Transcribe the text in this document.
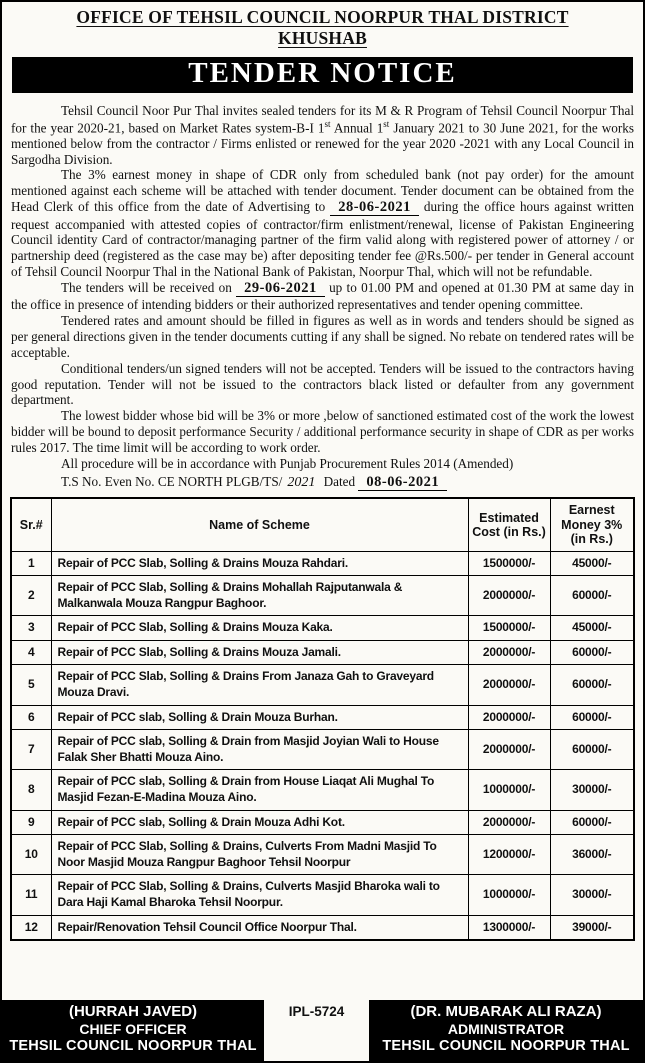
OFFICE OF TEHSIL COUNCIL NOORPUR THAL DISTRICT
KHUSHAB
TENDER NOTICE

Tehsil Council Noor Pur Thal invites sealed tenders for its M & R Program of Tehsil Council Noorpur Thal for the year 2020-21, based on Market Rates system-B-I 1st Annual 1st January 2021 to 30 June 2021, for the works mentioned below from the contractor / Firms enlisted or renewed for the year 2020 -2021 with any Local Council in Sargodha Division.

The 3% earnest money in shape of CDR only from scheduled bank (not pay order) for the amount mentioned against each scheme will be attached with tender document. Tender document can be obtained from the Head Clerk of this office from the date of Advertising to 28-06-2021 during the office hours against written request accompanied with attested copies of contractor/firm enlistment/renewal, license of Pakistan Engineering Council identity Card of contractor/managing partner of the firm valid along with registered power of attorney / or partnership deed (registered as the case may be) after depositing tender fee @Rs.500/- per tender in General account of Tehsil Council Noorpur Thal in the National Bank of Pakistan, Noorpur Thal, which will not be refundable.

The tenders will be received on 29-06-2021 up to 01.00 PM and opened at 01.30 PM at same day in the office in presence of intending bidders or their authorized representatives and tender opening committee.

Tendered rates and amount should be filled in figures as well as in words and tenders should be signed as per general directions given in the tender documents cutting if any shall be signed. No rebate on tendered rates will be acceptable.

Conditional tenders/un signed tenders will not be accepted. Tenders will be issued to the contractors having good reputation. Tender will not be issued to the contractors black listed or defaulter from any government department.

The lowest bidder whose bid will be 3% or more ,below of sanctioned estimated cost of the work the lowest bidder will be bound to deposit performance Security / additional performance security in shape of CDR as per works rules 2017. The time limit will be according to work order.

All procedure will be in accordance with Punjab Procurement Rules 2014 (Amended)

T.S No. Even No. CE NORTH PLGB/TS/ 2021 Dated 08-06-2021

Sr.#	Name of Scheme	Estimated Cost (in Rs.)	Earnest Money 3% (in Rs.)
1	Repair of PCC Slab, Solling & Drains Mouza Rahdari.	1500000/-	45000/-
2	Repair of PCC Slab, Solling & Drains Mohallah Rajputanwala & Malkanwala Mouza Rangpur Baghoor.	2000000/-	60000/-
3	Repair of PCC Slab, Solling & Drains Mouza Kaka.	1500000/-	45000/-
4	Repair of PCC Slab, Solling & Drains Mouza Jamali.	2000000/-	60000/-
5	Repair of PCC Slab, Solling & Drains From Janaza Gah to Graveyard Mouza Dravi.	2000000/-	60000/-
6	Repair of PCC slab, Solling & Drain Mouza Burhan.	2000000/-	60000/-
7	Repair of PCC slab, Solling & Drain from Masjid Joyian Wali to House Falak Sher Bhatti Mouza Aino.	2000000/-	60000/-
8	Repair of PCC slab, Solling & Drain from House Liaqat Ali Mughal To Masjid Fezan-E-Madina Mouza Aino.	1000000/-	30000/-
9	Repair of PCC slab, Solling & Drain Mouza Adhi Kot.	2000000/-	60000/-
10	Repair of PCC Slab, Solling & Drains, Culverts From Madni Masjid To Noor Masjid Mouza Rangpur Baghoor Tehsil Noorpur	1200000/-	36000/-
11	Repair of PCC Slab, Solling & Drains, Culverts Masjid Bharoka wali to Dara Haji Kamal Bharoka Tehsil Noorpur.	1000000/-	30000/-
12	Repair/Renovation Tehsil Council Office Noorpur Thal.	1300000/-	39000/-
(HURRAH JAVED)
CHIEF OFFICER
TEHSIL COUNCIL NOORPUR THAL
IPL-5724	(DR. MUBARAK ALI RAZA)
ADMINISTRATOR
TEHSIL COUNCIL NOORPUR THAL
